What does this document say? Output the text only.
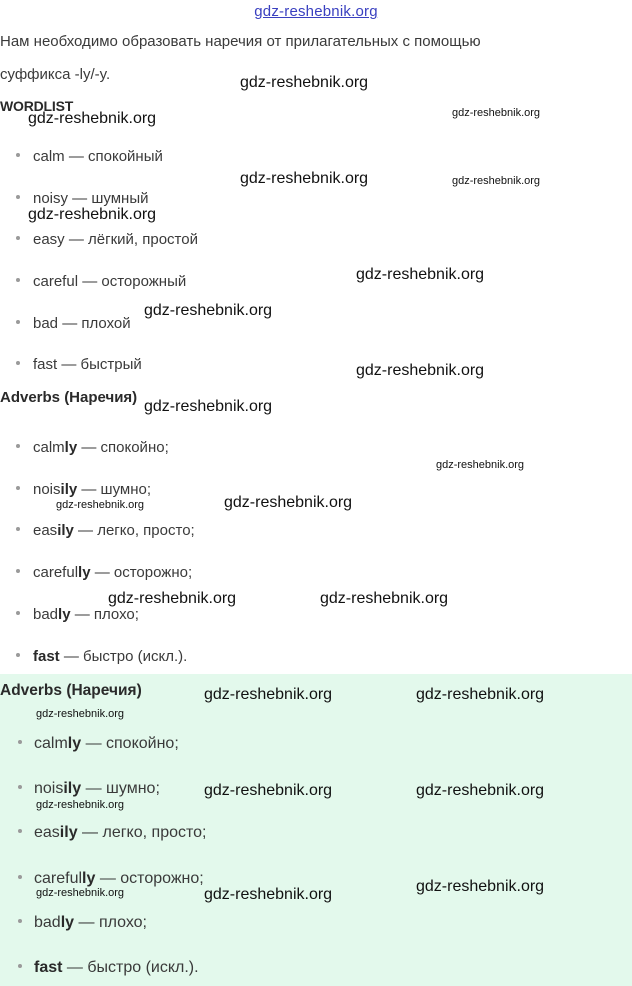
gdz-reshebnik.org
Нам необходимо образовать наречия от прилагательных с помощью
суффикса -ly/-y.
WORDLIST
calm — спокойный
noisy — шумный
easy — лёгкий, простой
careful — осторожный
bad — плохой
fast — быстрый
Adverbs (Наречия)
calmly — спокойно;
noisily — шумно;
easily — легко, просто;
carefully — осторожно;
badly — плохо;
fast — быстро (искл.).
Adverbs (Наречия)
calmly — спокойно;
noisily — шумно;
easily — легко, просто;
carefully — осторожно;
badly — плохо;
fast — быстро (искл.).
gdz-reshebnik.org
gdz-reshebnik.org	gdz-reshebnik.org
gdz-reshebnik.org	gdz-reshebnik.org
gdz-reshebnik.org
gdz-reshebnik.org
gdz-reshebnik.org
gdz-reshebnik.org
gdz-reshebnik.org
gdz-reshebnik.org
gdz-reshebnik.org
gdz-reshebnik.org
gdz-reshebnik.org	gdz-reshebnik.org
gdz-reshebnik.org	gdz-reshebnik.org
gdz-reshebnik.org
gdz-reshebnik.org	gdz-reshebnik.org
gdz-reshebnik.org
gdz-reshebnik.org	gdz-reshebnik.org
gdz-reshebnik.org
